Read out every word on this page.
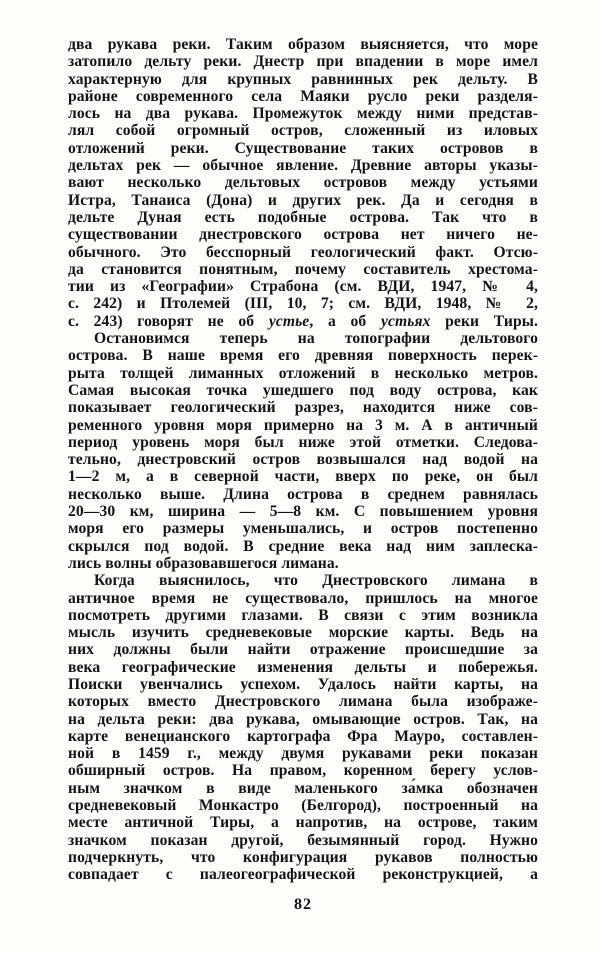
два рукава реки. Таким образом выясняется, что море
затопило дельту реки. Днестр при впадении в море имел
характерную для крупных равнинных рек дельту. В
районе современного села Маяки русло реки разделя-
лось на два рукава. Промежуток между ними представ-
лял собой огромный остров, сложенный из иловых
отложений реки. Существование таких островов в
дельтах рек — обычное явление. Древние авторы указы-
вают несколько дельтовых островов между устьями
Истра, Танаиса (Дона) и других рек. Да и сегодня в
дельте Дуная есть подобные острова. Так что в
существовании днестровского острова нет ничего не-
обычного. Это бесспорный геологический факт. Отсю-
да становится понятным, почему составитель хрестома-
тии из «Географии» Страбона (см. ВДИ, 1947, № 4,
с. 242) и Птолемей (III, 10, 7; см. ВДИ, 1948, № 2,
с. 243) говорят не об устье, а об устьях реки Тиры.
Остановимся теперь на топографии дельтового
острова. В наше время его древняя поверхность перек-
рыта толщей лиманных отложений в несколько метров.
Самая высокая точка ушедшего под воду острова, как
показывает геологический разрез, находится ниже сов-
ременного уровня моря примерно на 3 м. А в античный
период уровень моря был ниже этой отметки. Следова-
тельно, днестровский остров возвышался над водой на
1—2 м, а в северной части, вверх по реке, он был
несколько выше. Длина острова в среднем равнялась
20—30 км, ширина — 5—8 км. С повышением уровня
моря его размеры уменьшались, и остров постепенно
скрылся под водой. В средние века над ним заплеска-
лись волны образовавшегося лимана.
Когда выяснилось, что Днестровского лимана в
античное время не существовало, пришлось на многое
посмотреть другими глазами. В связи с этим возникла
мысль изучить средневековые морские карты. Ведь на
них должны были найти отражение происшедшие за
века географические изменения дельты и побережья.
Поиски увенчались успехом. Удалось найти карты, на
которых вместо Днестровского лимана была изображе-
на дельта реки: два рукава, омывающие остров. Так, на
карте венецианского картографа Фра Мауро, составлен-
ной в 1459 г., между двумя рукавами реки показан
обширный остров. На правом, коренном берегу услов-
ным значком в виде маленького за́мка обозначен
средневековый Монкастро (Белгород), построенный на
месте античной Тиры, а напротив, на острове, таким
значком показан другой, безымянный город. Нужно
подчеркнуть, что конфигурация рукавов полностью
совпадает с палеогеографической реконструкцией, а
82
